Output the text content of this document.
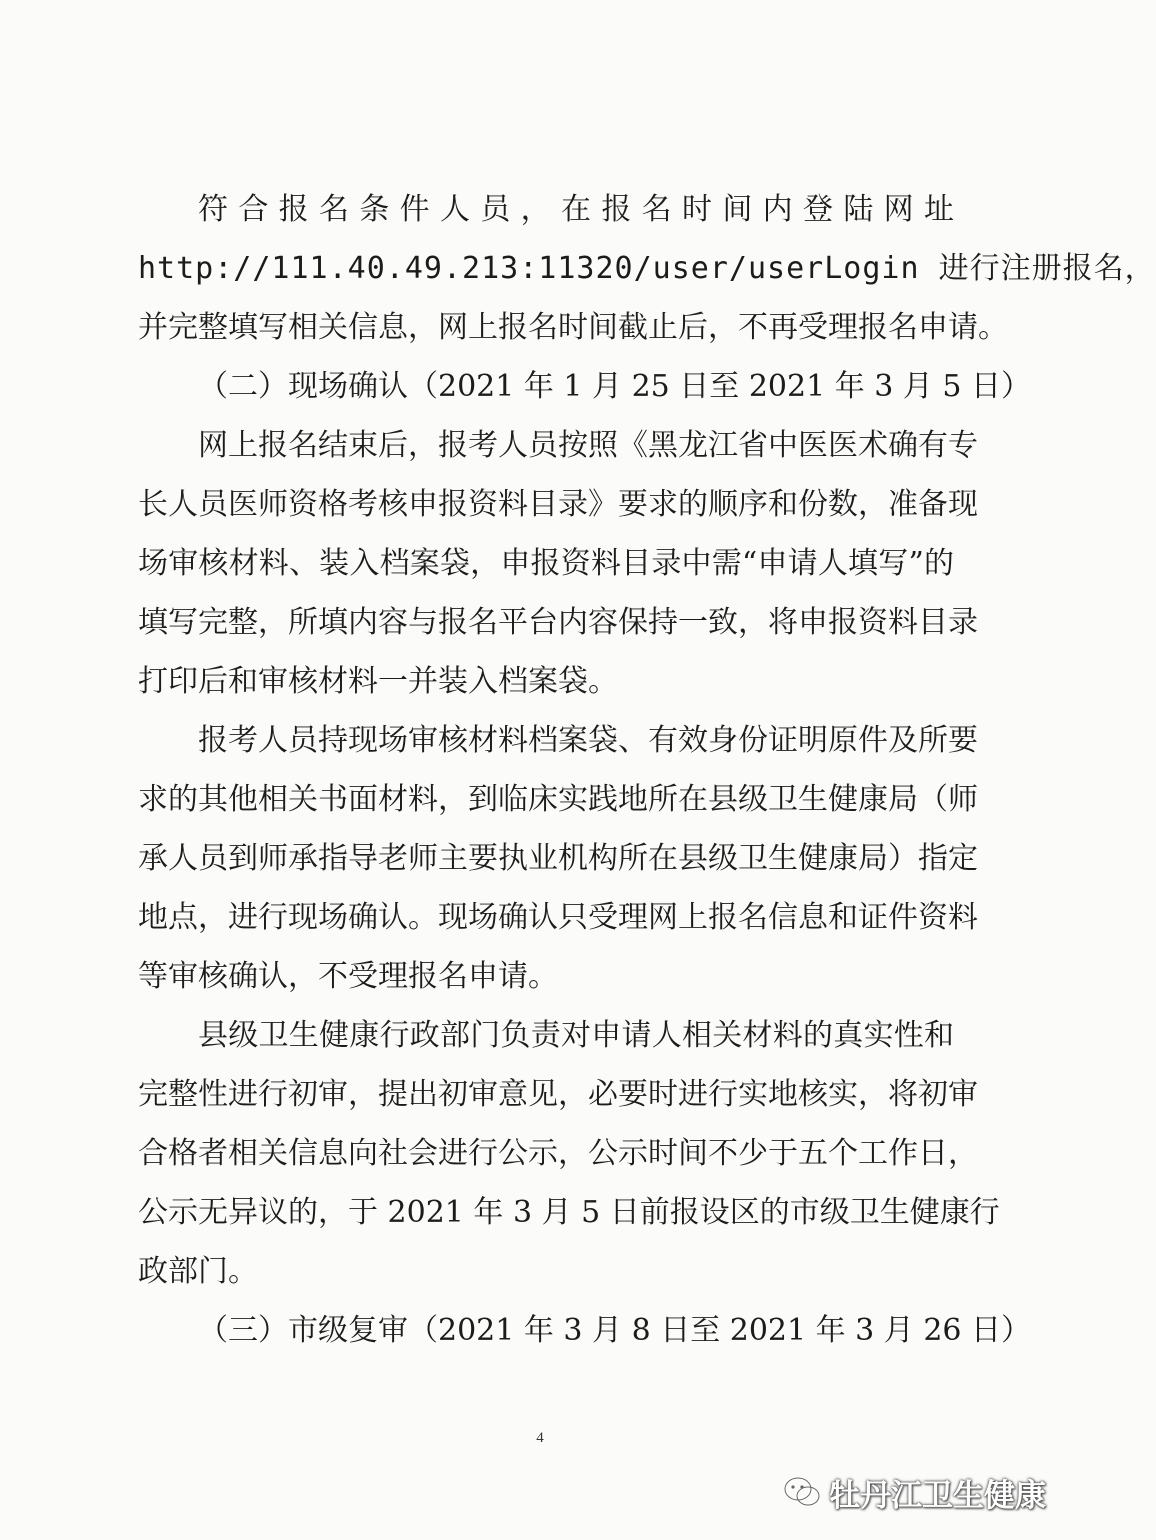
符合报名条件人员，在报名时间内登陆网址
http://111.40.49.213:11320/user/userLogin 进行注册报名，
并完整填写相关信息，网上报名时间截止后，不再受理报名申请。
（二）现场确认（2021 年 1 月 25 日至 2021 年 3 月 5 日）
网上报名结束后，报考人员按照《黑龙江省中医医术确有专
长人员医师资格考核申报资料目录》要求的顺序和份数，准备现
场审核材料、装入档案袋，申报资料目录中需“申请人填写”的
填写完整，所填内容与报名平台内容保持一致，将申报资料目录
打印后和审核材料一并装入档案袋。
报考人员持现场审核材料档案袋、有效身份证明原件及所要
求的其他相关书面材料，到临床实践地所在县级卫生健康局（师
承人员到师承指导老师主要执业机构所在县级卫生健康局）指定
地点，进行现场确认。现场确认只受理网上报名信息和证件资料
等审核确认，不受理报名申请。
县级卫生健康行政部门负责对申请人相关材料的真实性和
完整性进行初审，提出初审意见，必要时进行实地核实，将初审
合格者相关信息向社会进行公示，公示时间不少于五个工作日，
公示无异议的，于 2021 年 3 月 5 日前报设区的市级卫生健康行
政部门。
（三）市级复审（2021 年 3 月 8 日至 2021 年 3 月 26 日）
4
牡丹江卫生健康
